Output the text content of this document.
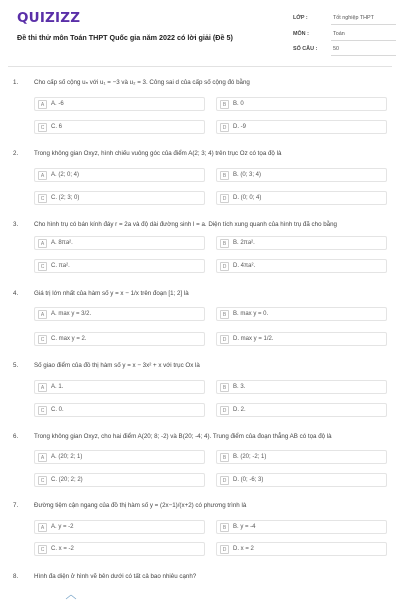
QUIZIZZ
Đề thi thử môn Toán THPT Quốc gia năm 2022 có lời giải (Đề 5)
LỚP :	Tốt nghiệp THPT
MÔN :	Toán
SỐ CÂU :	50
1.	Cho cấp số cộng uₙ với u₁ = −3 và u₂ = 3. Công sai d của cấp số cộng đó bằng
A	A. -6	B	B. 0
C	C. 6	D	D. -9
2.	Trong không gian Oxyz, hình chiếu vuông góc của điểm A(2; 3; 4) trên trục Oz có tọa độ là
A	A. (2; 0; 4)	B	B. (0; 3; 4)
C	C. (2; 3; 0)	D	D. (0; 0; 4)
3.	Cho hình trụ có bán kính đáy r = 2a và độ dài đường sinh l = a. Diện tích xung quanh của hình trụ đã cho bằng
A	A. 8πa².	B	B. 2πa².
C	C. πa².	D	D. 4πa².
4.	Giá trị lớn nhất của hàm số y = x − 1/x trên đoạn [1; 2] là
A	A. max y = 3/2.	B	B. max y = 0.
C	C. max y = 2.	D	D. max y = 1/2.
5.	Số giao điểm của đồ thị hàm số y = x − 3x² + x với trục Ox là
A	A. 1.	B	B. 3.
C	C. 0.	D	D. 2.
6.	Trong không gian Oxyz, cho hai điểm A(20; 8; -2) và B(20; -4; 4). Trung điểm của đoạn thẳng AB có tọa độ là
A	A. (20; 2; 1)	B	B. (20; -2; 1)
C	C. (20; 2; 2)	D	D. (0; -6; 3)
7.	Đường tiệm cận ngang của đồ thị hàm số y = (2x−1)/(x+2) có phương trình là
A	A. y = -2	B	B. y = -4
C	C. x = -2	D	D. x = 2
8.	Hình đa diện ở hình vẽ bên dưới có tất cả bao nhiêu cạnh?
